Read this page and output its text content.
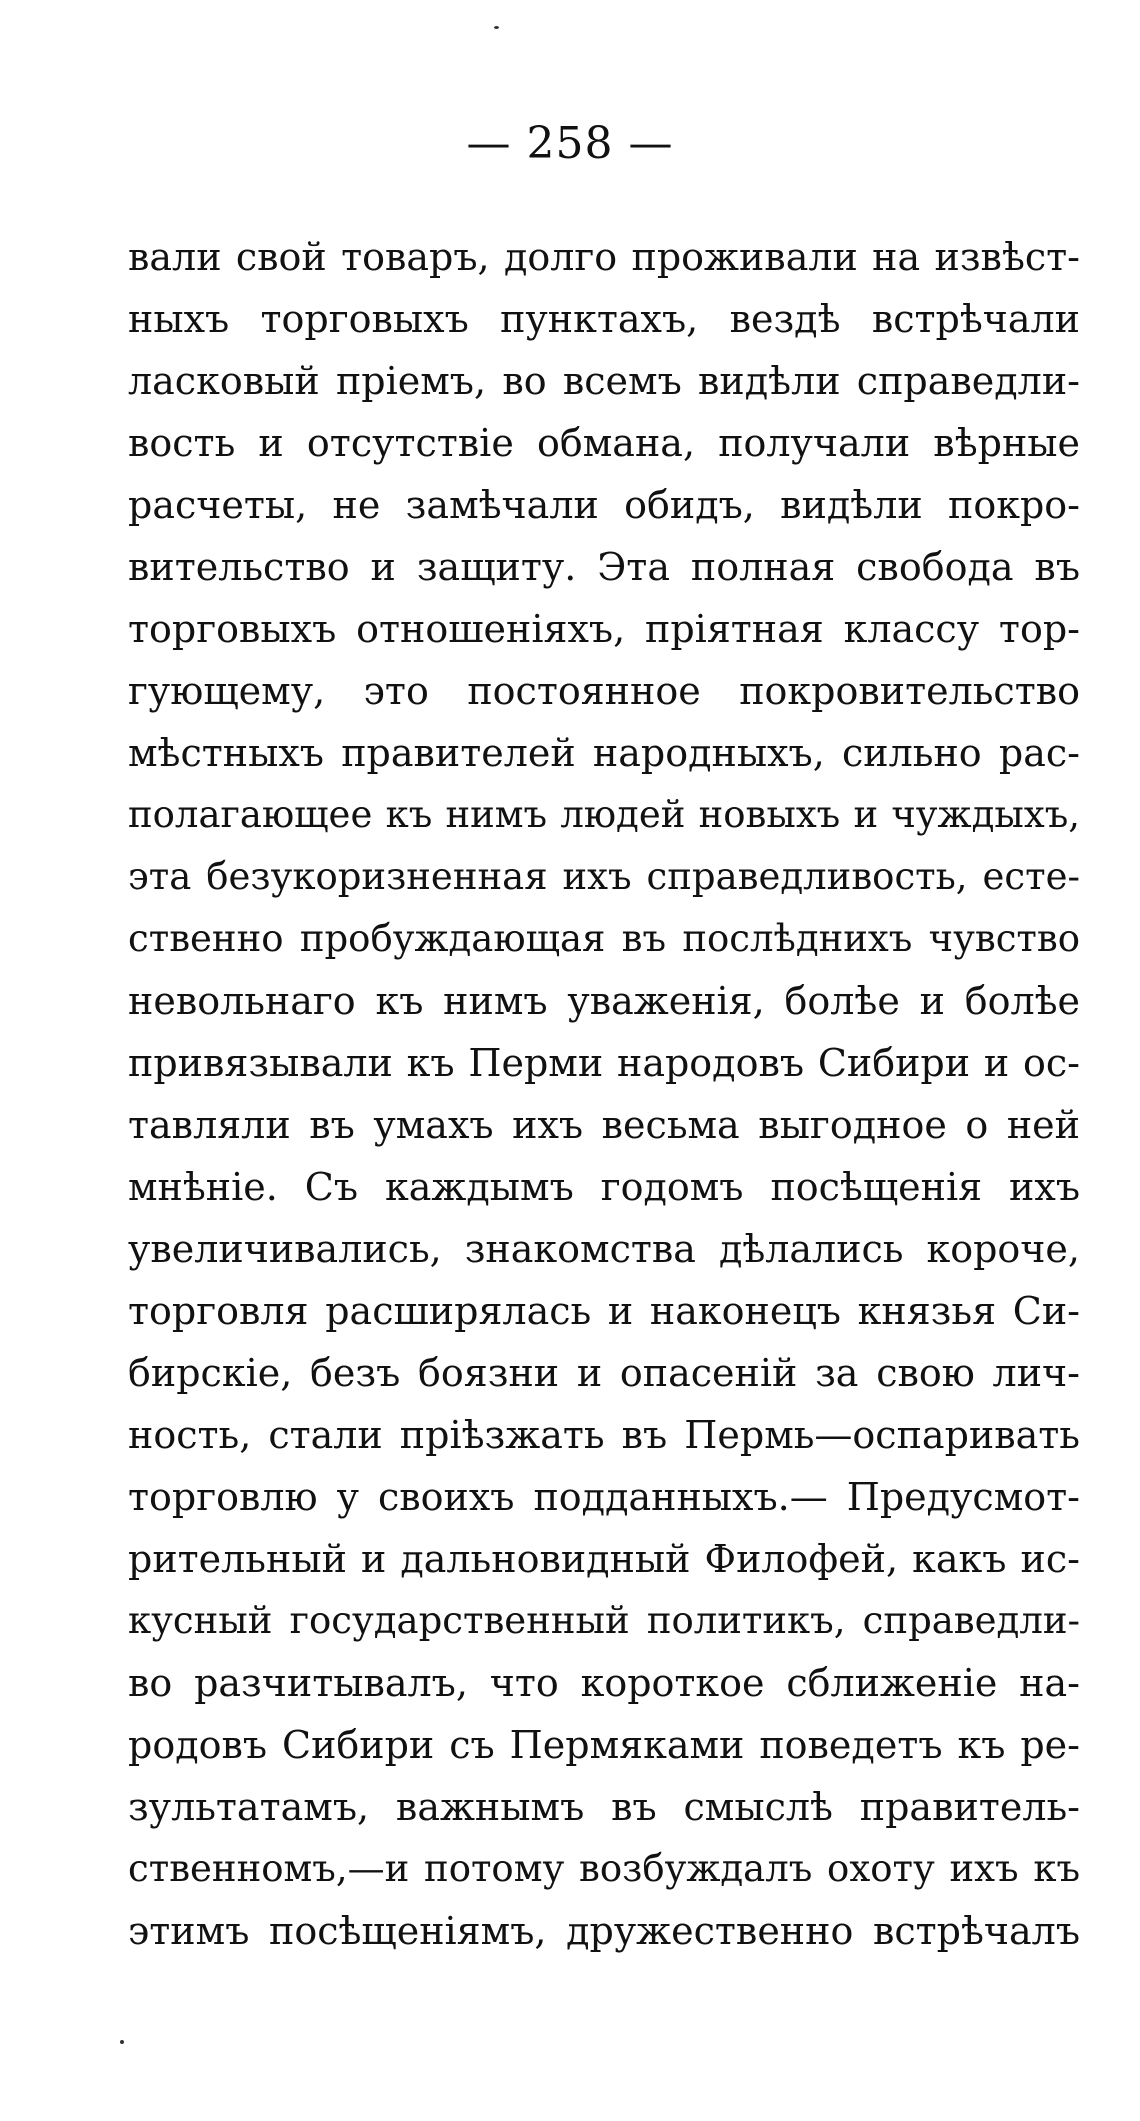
— 258 —
вали свой товаръ, долго проживали на извѣст-
ныхъ торговыхъ пунктахъ, вездѣ встрѣчали
ласковый пріемъ, во всемъ видѣли справедли-
вость и отсутствіе обмана, получали вѣрные
расчеты, не замѣчали обидъ, видѣли покро-
вительство и защиту. Эта полная свобода въ
торговыхъ отношеніяхъ, пріятная классу тор-
гующему, это постоянное покровительство
мѣстныхъ правителей народныхъ, сильно рас-
полагающее къ нимъ людей новыхъ и чуждыхъ,
эта безукоризненная ихъ справедливость, есте-
ственно пробуждающая въ послѣднихъ чувство
невольнаго къ нимъ уваженія, болѣе и болѣе
привязывали къ Перми народовъ Сибири и ос-
тавляли въ умахъ ихъ весьма выгодное о ней
мнѣніе. Съ каждымъ годомъ посѣщенія ихъ
увеличивались, знакомства дѣлались короче,
торговля расширялась и наконецъ князья Си-
бирскіе, безъ боязни и опасеній за свою лич-
ность, стали пріѣзжать въ Пермь—оспаривать
торговлю у своихъ подданныхъ.— Предусмот-
рительный и дальновидный Филофей, какъ ис-
кусный государственный политикъ, справедли-
во разчитывалъ, что короткое сближеніе на-
родовъ Сибири съ Пермяками поведетъ къ ре-
зультатамъ, важнымъ въ смыслѣ правитель-
ственномъ,—и потому возбуждалъ охоту ихъ къ
этимъ посѣщеніямъ, дружественно встрѣчалъ
